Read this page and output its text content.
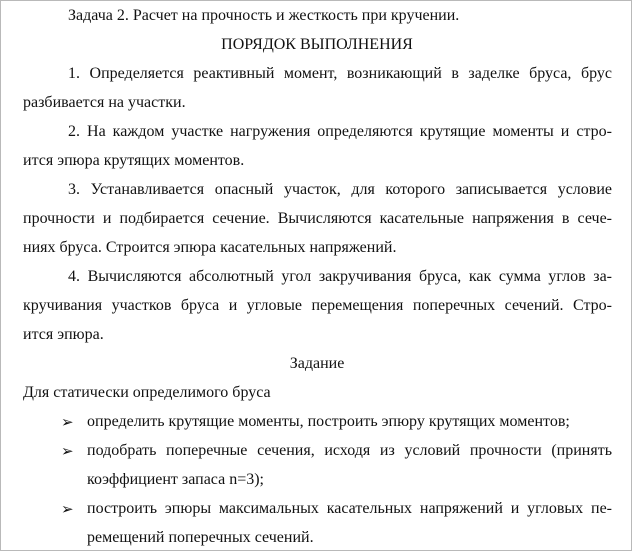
Задача 2. Расчет на прочность и жесткость при кручении.
ПОРЯДОК ВЫПОЛНЕНИЯ
1. Определяется реактивный момент, возникающий в заделке бруса, брус
разбивается на участки.
2. На каждом участке нагружения определяются крутящие моменты и стро-
ится эпюра крутящих моментов.
3. Устанавливается опасный участок, для которого записывается условие
прочности и подбирается сечение. Вычисляются касательные напряжения в сече-
ниях бруса. Строится эпюра касательных напряжений.
4. Вычисляются абсолютный угол закручивания бруса, как сумма углов за-
кручивания участков бруса и угловые перемещения поперечных сечений. Стро-
ится эпюра.
Задание
Для статически определимого бруса
➢ определить крутящие моменты, построить эпюру крутящих моментов;
➢ подобрать поперечные сечения, исходя из условий прочности (принять
коэффициент запаса n=3);
➢ построить эпюры максимальных касательных напряжений и угловых пе-
ремещений поперечных сечений.
